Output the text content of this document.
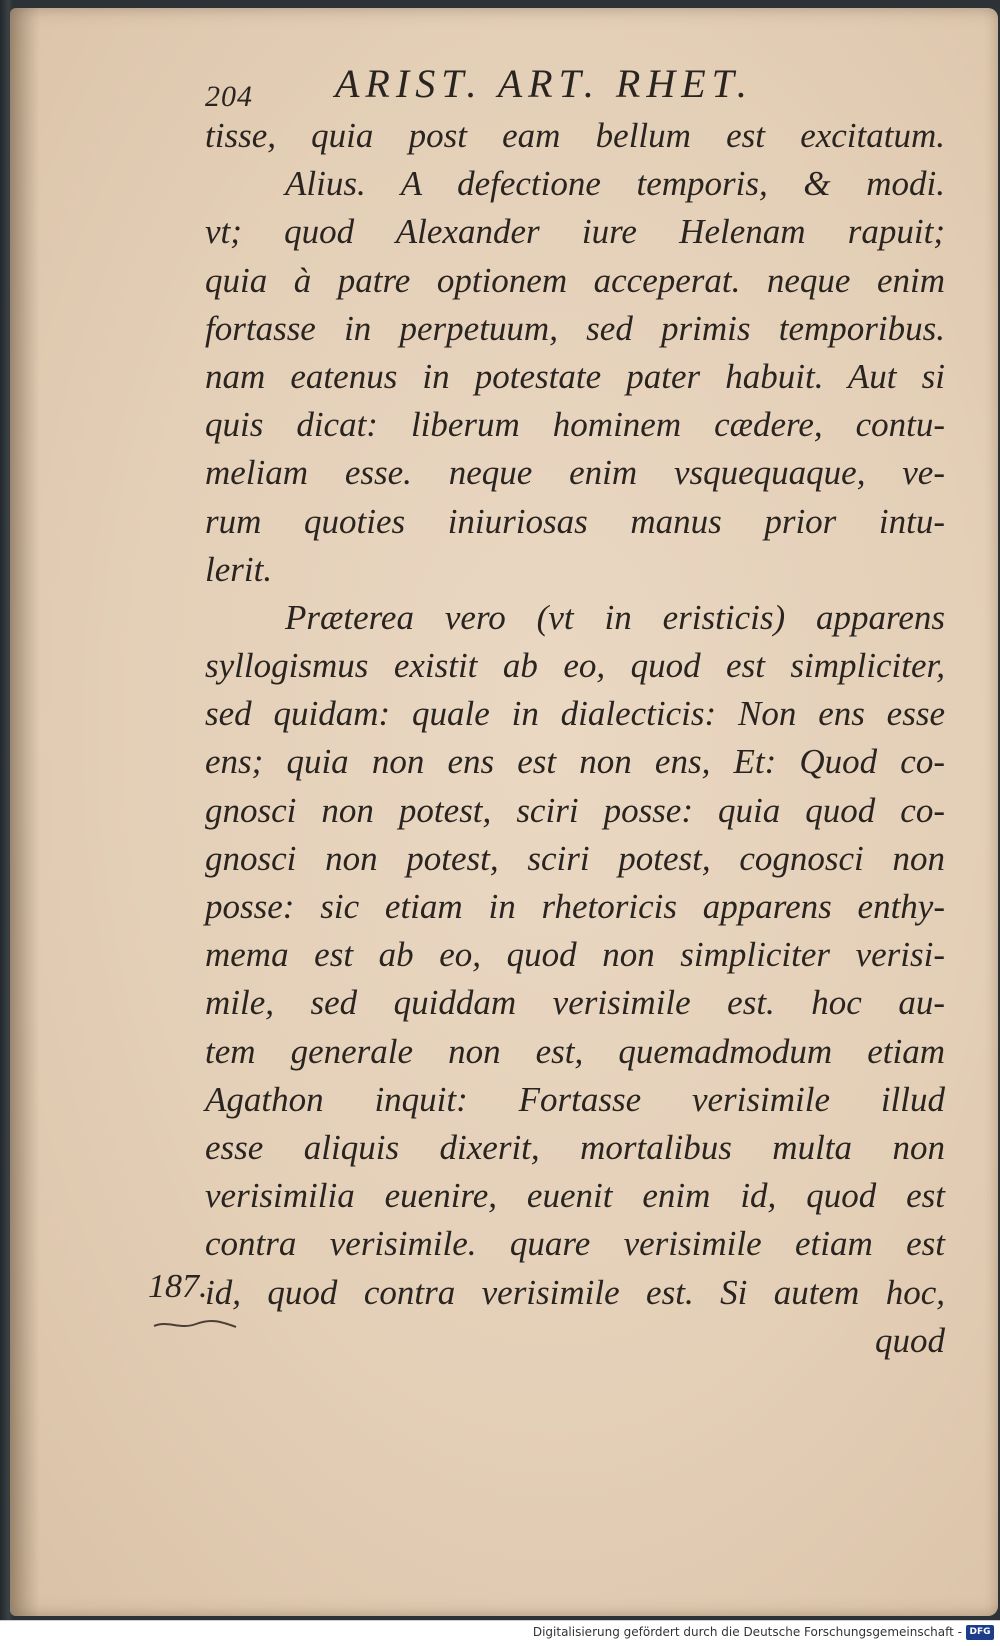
204 ARIST. ART. RHET.
tisse, quia post eam bellum est excitatum.
Alius. A defectione temporis, & modi.
vt; quod Alexander iure Helenam rapuit;
quia à patre optionem acceperat. neque enim
fortasse in perpetuum, sed primis temporibus.
nam eatenus in potestate pater habuit. Aut si
quis dicat: liberum hominem cædere, contu-
meliam esse. neque enim vsquequaque, ve-
rum quoties iniuriosas manus prior intu-
lerit.
Præterea vero (vt in eristicis) apparens
syllogismus existit ab eo, quod est simpliciter,
sed quidam: quale in dialecticis: Non ens esse
ens; quia non ens est non ens, Et: Quod co-
gnosci non potest, sciri posse: quia quod co-
gnosci non potest, sciri potest, cognosci non
posse: sic etiam in rhetoricis apparens enthy-
mema est ab eo, quod non simpliciter verisi-
mile, sed quiddam verisimile est. hoc au-
tem generale non est, quemadmodum etiam
Agathon inquit: Fortasse verisimile illud
esse aliquis dixerit, mortalibus multa non
verisimilia euenire, euenit enim id, quod est
contra verisimile. quare verisimile etiam est
id, quod contra verisimile est. Si autem hoc,
quod
187.
Digitalisierung gefördert durch die Deutsche Forschungsgemeinschaft - DFG
